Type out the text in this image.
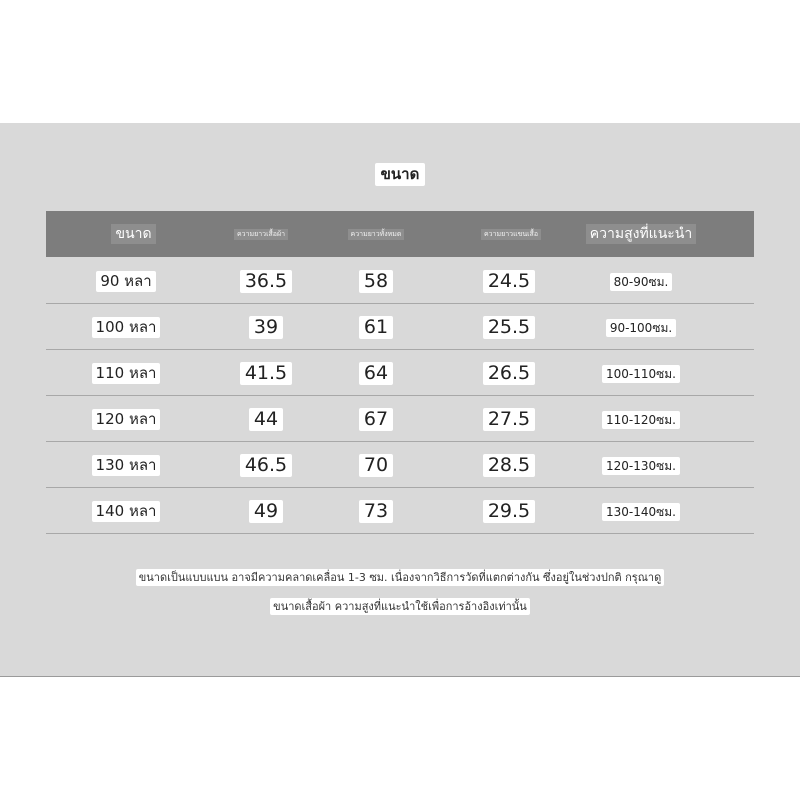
ขนาด
ขนาด	ความยาวเสื้อผ้า	ความยาวทั้งหมด	ความยาวแขนเสื้อ	ความสูงที่แนะนำ
90 หลา	36.5	58	24.5	80-90ซม.
100 หลา	39	61	25.5	90-100ซม.
110 หลา	41.5	64	26.5	100-110ซม.
120 หลา	44	67	27.5	110-120ซม.
130 หลา	46.5	70	28.5	120-130ซม.
140 หลา	49	73	29.5	130-140ซม.
ขนาดเป็นแบบแบน อาจมีความคลาดเคลื่อน 1-3 ซม. เนื่องจากวิธีการวัดที่แตกต่างกัน ซึ่งอยู่ในช่วงปกติ กรุณาดู
ขนาดเสื้อผ้า ความสูงที่แนะนำใช้เพื่อการอ้างอิงเท่านั้น
